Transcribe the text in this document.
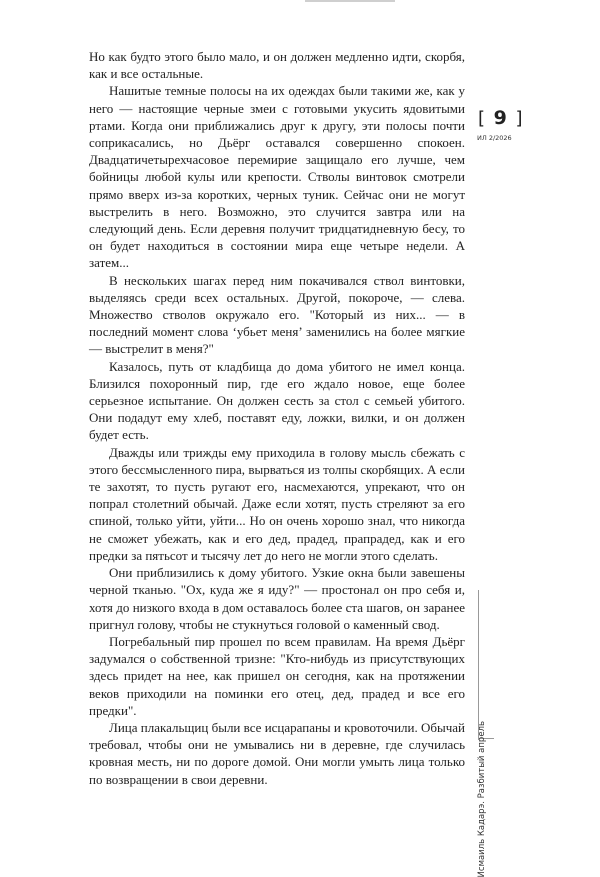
Но как будто этого было мало, и он должен медленно идти, скорбя, как и все остальные.

Нашитые темные полосы на их одеждах были такими же, как у него — настоящие черные змеи с готовыми укусить ядовитыми ртами. Когда они приближались друг к другу, эти полосы почти соприкасались, но Дьёрг оставался совершенно спокоен. Двадцатичетырехчасовое перемирие защищало его лучше, чем бойницы любой кулы или крепости. Стволы винтовок смотрели прямо вверх из-за коротких, черных туник. Сейчас они не могут выстрелить в него. Возможно, это случится завтра или на следующий день. Если деревня получит тридцатидневную бесу, то он будет находиться в состоянии мира еще четыре недели. А затем...

В нескольких шагах перед ним покачивался ствол винтовки, выделяясь среди всех остальных. Другой, покороче, — слева. Множество стволов окружало его. "Который из них... — в последний момент слова ‘убьет меня’ заменились на более мягкие — выстрелит в меня?"

Казалось, путь от кладбища до дома убитого не имел конца. Близился похоронный пир, где его ждало новое, еще более серьезное испытание. Он должен сесть за стол с семьей убитого. Они подадут ему хлеб, поставят еду, ложки, вилки, и он должен будет есть.

Дважды или трижды ему приходила в голову мысль сбежать с этого бессмысленного пира, вырваться из толпы скорбящих. А если те захотят, то пусть ругают его, насмехаются, упрекают, что он попрал столетний обычай. Даже если хотят, пусть стреляют за его спиной, только уйти, уйти... Но он очень хорошо знал, что никогда не сможет убежать, как и его дед, прадед, прапрадед, как и его предки за пятьсот и тысячу лет до него не могли этого сделать.

Они приблизились к дому убитого. Узкие окна были завешены черной тканью. "Ох, куда же я иду?" — простонал он про себя и, хотя до низкого входа в дом оставалось более ста шагов, он заранее пригнул голову, чтобы не стукнуться головой о каменный свод.

Погребальный пир прошел по всем правилам. На время Дьёрг задумался о собственной тризне: "Кто-нибудь из присутствующих здесь придет на нее, как пришел он сегодня, как на протяжении веков приходили на поминки его отец, дед, прадед и все его предки".

Лица плакальщиц были все исцарапаны и кровоточили. Обычай требовал, чтобы они не умывались ни в деревне, где случилась кровная месть, ни по дороге домой. Они могли умыть лица только по возвращении в свои деревни.

[ 9 ]
ИЛ 2/2026
Исмаиль Кадарэ. Разбитый апрель
